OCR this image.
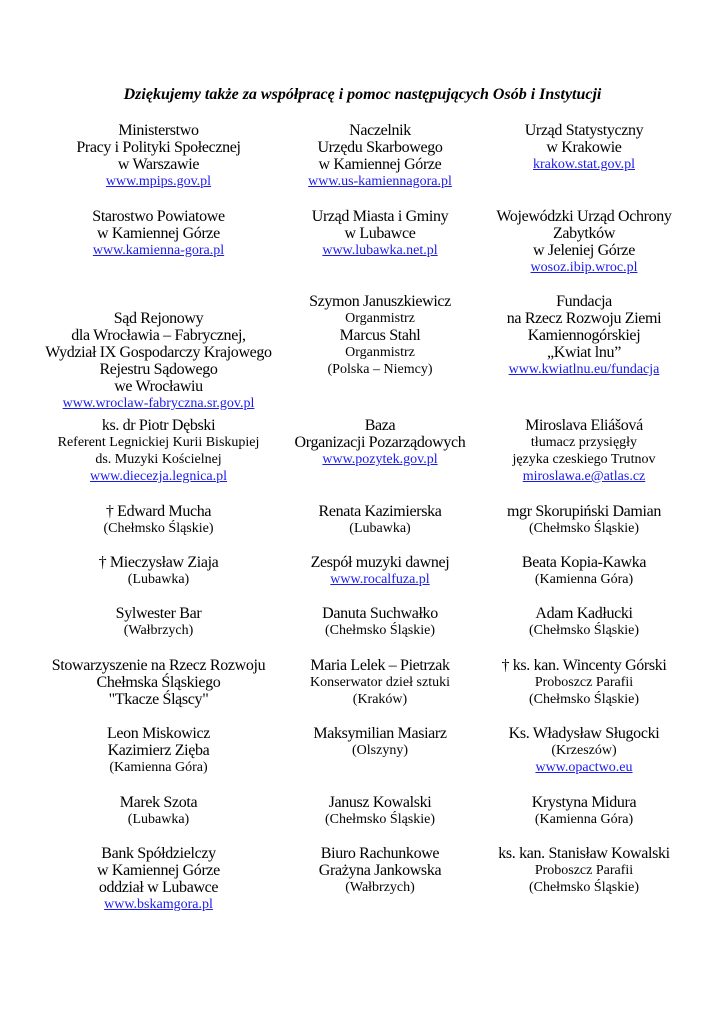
Dziękujemy także za współpracę i pomoc następujących Osób i Instytucji
Ministerstwo
Pracy i Polityki Społecznej
w Warszawie
www.mpips.gov.pl
Naczelnik
Urzędu Skarbowego
w Kamiennej Górze
www.us-kamiennagora.pl
Urząd Statystyczny
w Krakowie
krakow.stat.gov.pl
Starostwo Powiatowe
w Kamiennej Górze
www.kamienna-gora.pl
Urząd Miasta i Gminy
w Lubawce
www.lubawka.net.pl
Wojewódzki Urząd Ochrony
Zabytków
w Jeleniej Górze
wosoz.ibip.wroc.pl

Sąd Rejonowy
dla Wrocławia – Fabrycznej,
Wydział IX Gospodarczy Krajowego
Rejestru Sądowego
we Wrocławiu
www.wroclaw-fabryczna.sr.gov.pl
Szymon Januszkiewicz
Organmistrz
Marcus Stahl
Organmistrz
(Polska – Niemcy)
Fundacja
na Rzecz Rozwoju Ziemi
Kamiennogórskiej
„Kwiat lnu”
www.kwiatlnu.eu/fundacja
ks. dr Piotr Dębski
Referent Legnickiej Kurii Biskupiej
ds. Muzyki Kościelnej
www.diecezja.legnica.pl
Baza
Organizacji Pozarządowych
www.pozytek.gov.pl
Miroslava Eliášová
tłumacz przysięgły
języka czeskiego Trutnov
miroslawa.e@atlas.cz
† Edward Mucha
(Chełmsko Śląskie)
Renata Kazimierska
(Lubawka)
mgr Skorupiński Damian
(Chełmsko Śląskie)
† Mieczysław Ziaja
(Lubawka)
Zespół muzyki dawnej
www.rocalfuza.pl
Beata Kopia-Kawka
(Kamienna Góra)
Sylwester Bar
(Wałbrzych)
Danuta Suchwałko
(Chełmsko Śląskie)
Adam Kadłucki
(Chełmsko Śląskie)
Stowarzyszenie na Rzecz Rozwoju
Chełmska Śląskiego
"Tkacze Śląscy"
Maria Lelek – Pietrzak
Konserwator dzieł sztuki
(Kraków)
† ks. kan. Wincenty Górski
Proboszcz Parafii
(Chełmsko Śląskie)
Leon Miskowicz
Kazimierz Zięba
(Kamienna Góra)
Maksymilian Masiarz
(Olszyny)
Ks. Władysław Sługocki
(Krzeszów)
www.opactwo.eu
Marek Szota
(Lubawka)
Janusz Kowalski
(Chełmsko Śląskie)
Krystyna Midura
(Kamienna Góra)
Bank Spółdzielczy
w Kamiennej Górze
oddział w Lubawce
www.bskamgora.pl
Biuro Rachunkowe
Grażyna Jankowska
(Wałbrzych)
ks. kan. Stanisław Kowalski
Proboszcz Parafii
(Chełmsko Śląskie)
